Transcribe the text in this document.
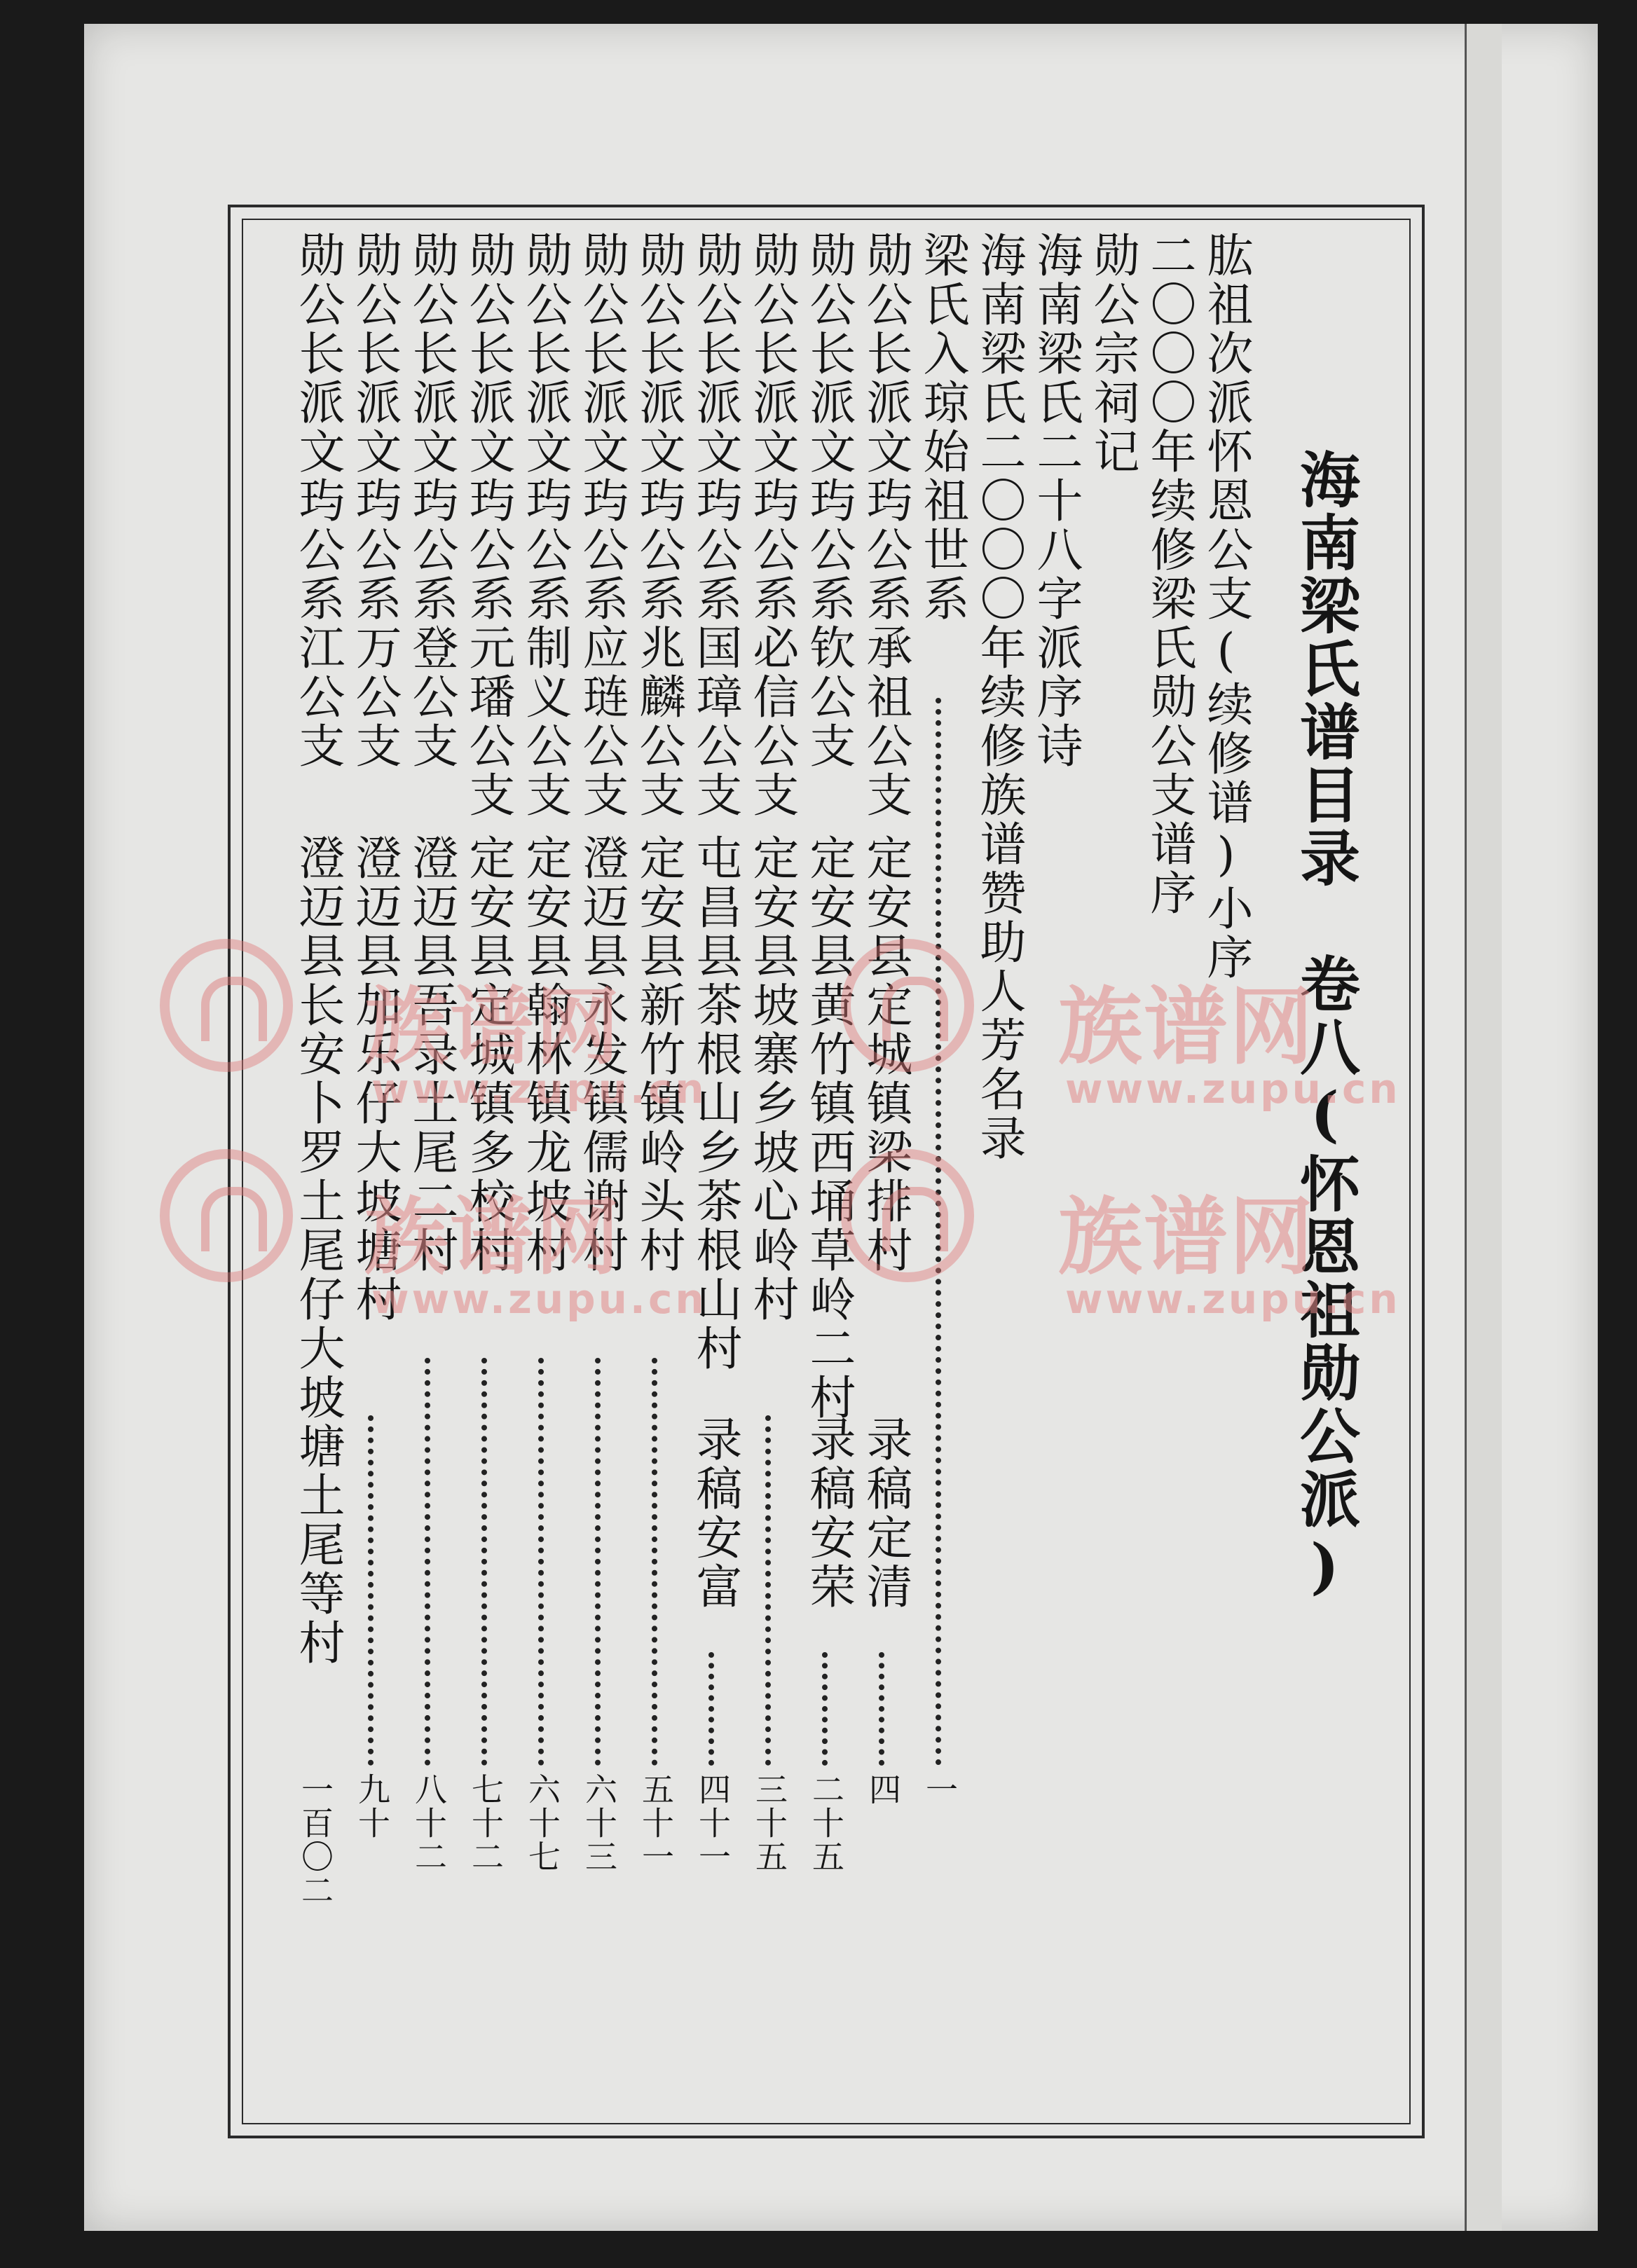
海南梁氏谱目录　卷八(怀恩祖勋公派)
肱祖次派怀恩公支(续修谱)小序
二〇〇〇年续修梁氏勋公支谱序
勋公宗祠记
海南梁氏二十八字派序诗
海南梁氏二〇〇〇年续修族谱赞助人芳名录
梁氏入琼始祖世系
一
勋公长派文玙公系承祖公支
定安县定城镇梁排村
录稿定清
四
勋公长派文玙公系钦公支
定安县黄竹镇西埇草岭二村
录稿安荣
二十五
勋公长派文玙公系必信公支
定安县坡寨乡坡心岭村
三十五
勋公长派文玙公系国璋公支
屯昌县茶根山乡茶根山村
录稿安富
四十一
勋公长派文玙公系兆麟公支
定安县新竹镇岭头村
五十一
勋公长派文玙公系应琏公支
澄迈县永发镇儒谢村
六十三
勋公长派文玙公系制义公支
定安县翰林镇龙坡村
六十七
勋公长派文玙公系元璠公支
定安县定城镇多校村
七十二
勋公长派文玙公系登公支
澄迈县吾录土尾二村
八十二
勋公长派文玙公系万公支
澄迈县加乐仔大坡塘村
九十
勋公长派文玙公系江公支
澄迈县长安卜罗土尾仔大坡塘土尾等村
一百〇二
族谱网
www.zupu.cn
族谱网
www.zupu.cn
族谱网
www.zupu.cn
族谱网
www.zupu.cn
